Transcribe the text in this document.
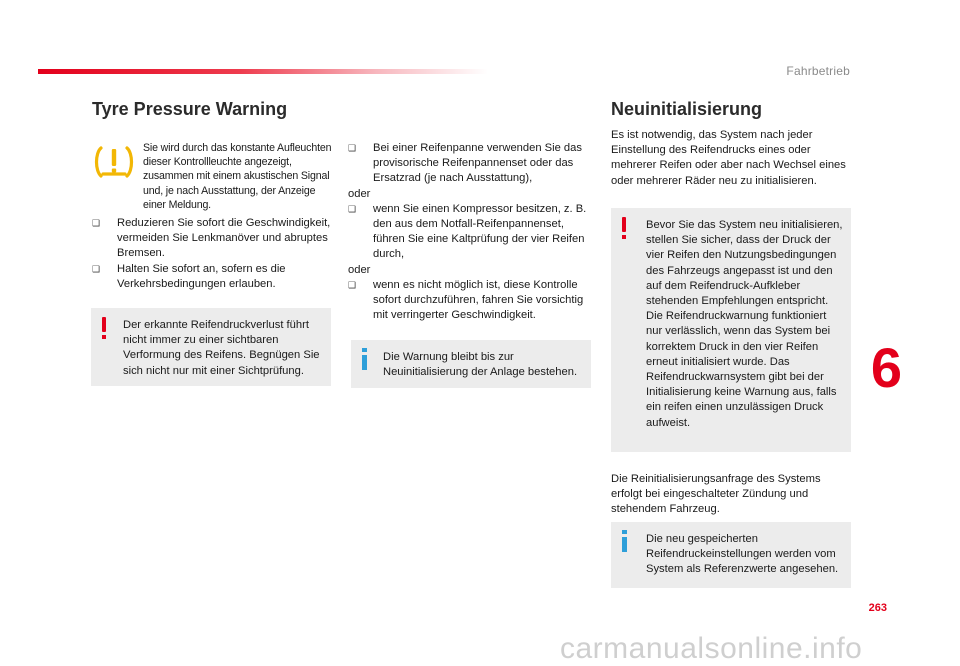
Fahrbetrieb
Tyre Pressure Warning
Sie wird durch das konstante Aufleuchten dieser Kontrollleuchte angezeigt, zusammen mit einem akustischen Signal und, je nach Ausstattung, der Anzeige einer Meldung.
❑ Reduzieren Sie sofort die Geschwindigkeit, vermeiden Sie Lenkmanöver und abruptes Bremsen.
❑ Halten Sie sofort an, sofern es die Verkehrsbedingungen erlauben.
Der erkannte Reifendruckverlust führt nicht immer zu einer sichtbaren Verformung des Reifens. Begnügen Sie sich nicht nur mit einer Sichtprüfung.
❑ Bei einer Reifenpanne verwenden Sie das provisorische Reifenpannenset oder das Ersatzrad (je nach Ausstattung),
oder
❑ wenn Sie einen Kompressor besitzen, z. B. den aus dem Notfall-Reifenpannenset, führen Sie eine Kaltprüfung der vier Reifen durch,
oder
❑ wenn es nicht möglich ist, diese Kontrolle sofort durchzuführen, fahren Sie vorsichtig mit verringerter Geschwindigkeit.
Die Warnung bleibt bis zur Neuinitialisierung der Anlage bestehen.
Neuinitialisierung
Es ist notwendig, das System nach jeder Einstellung des Reifendrucks eines oder mehrerer Reifen oder aber nach Wechsel eines oder mehrerer Räder neu zu initialisieren.
Bevor Sie das System neu initialisieren, stellen Sie sicher, dass der Druck der vier Reifen den Nutzungsbedingungen des Fahrzeugs angepasst ist und den auf dem Reifendruck-Aufkleber stehenden Empfehlungen entspricht. Die Reifendruckwarnung funktioniert nur verlässlich, wenn das System bei korrektem Druck in den vier Reifen erneut initialisiert wurde. Das Reifendruckwarnsystem gibt bei der Initialisierung keine Warnung aus, falls ein reifen einen unzulässigen Druck aufweist.
Die Reinitialisierungsanfrage des Systems erfolgt bei eingeschalteter Zündung und stehendem Fahrzeug.
Die neu gespeicherten Reifendruckeinstellungen werden vom System als Referenzwerte angesehen.
6
263
carmanualsonline.info
